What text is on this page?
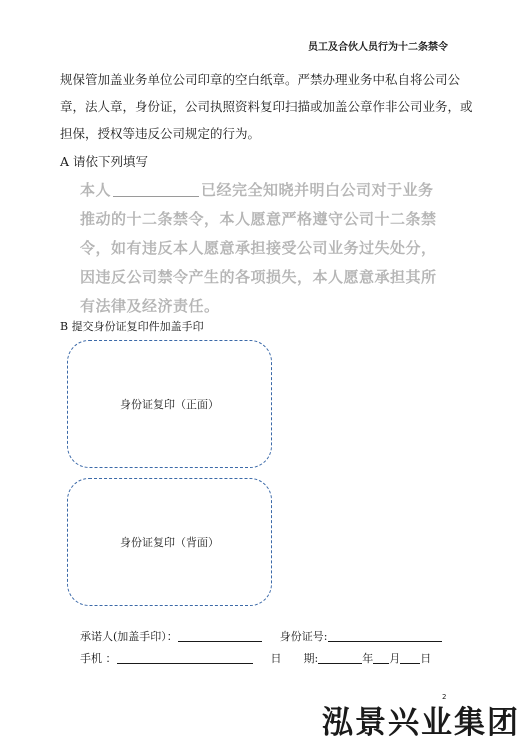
员工及合伙人员行为十二条禁令

规保管加盖业务单位公司印章的空白纸章。严禁办理业务中私自将公司公

章，法人章，身份证，公司执照资料复印扫描或加盖公章作非公司业务，或

担保，授权等违反公司规定的行为。

A 请依下列填写

本人	已经完全知晓并明白公司对于业务

推动的十二条禁令，本人愿意严格遵守公司十二条禁

令，如有违反本人愿意承担接受公司业务过失处分，

因违反公司禁令产生的各项损失，本人愿意承担其所

有法律及经济责任。

B 提交身份证复印件加盖手印
身份证复印（正面）
身份证复印（背面）
承诺人(加盖手印）：	身份证号:
手机 ：	日　　期:	年 月 日
2
泓景兴业集团
